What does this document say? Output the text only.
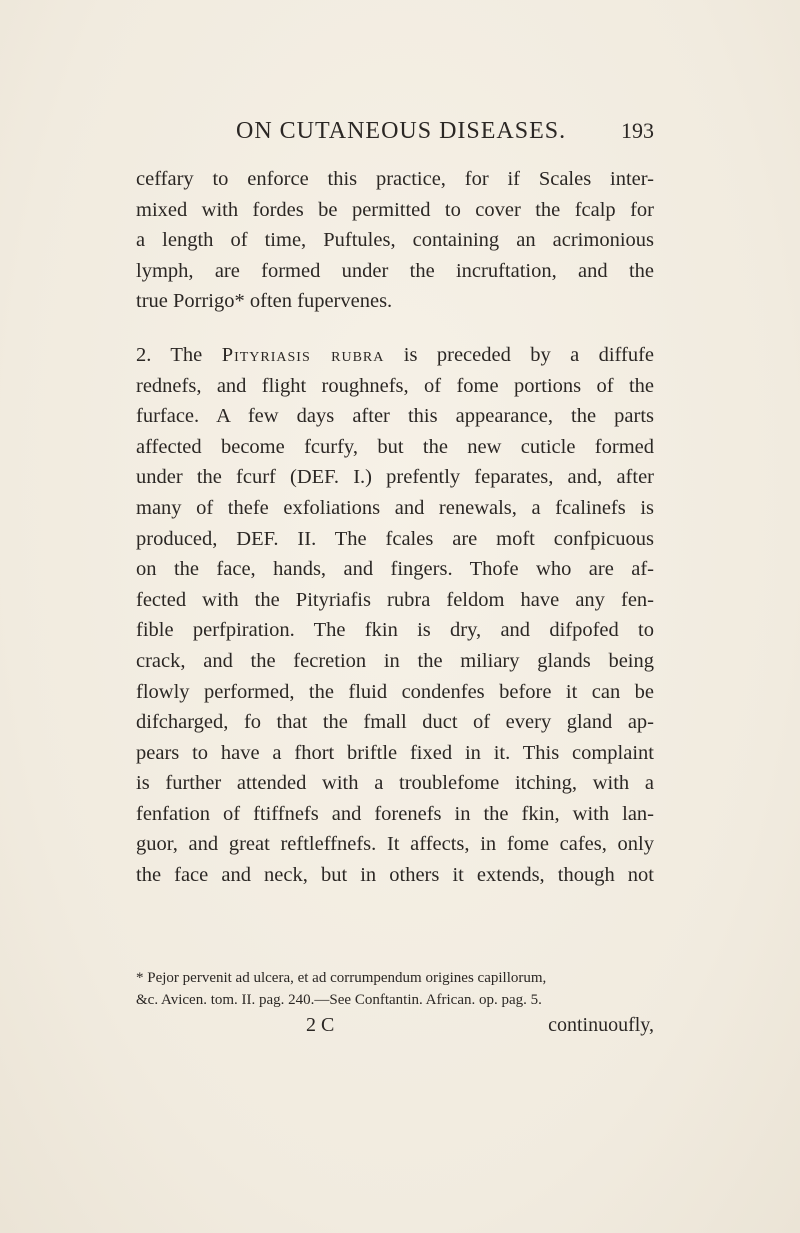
ON CUTANEOUS DISEASES. 193
ceffary to enforce this practice, for if Scales inter-
mixed with fordes be permitted to cover the fcalp for
a length of time, Puftules, containing an acrimonious
lymph, are formed under the incruftation, and the
true Porrigo* often fupervenes.
2. The Pityriasis rubra is preceded by a diffufe
rednefs, and flight roughnefs, of fome portions of the
furface. A few days after this appearance, the parts
affected become fcurfy, but the new cuticle formed
under the fcurf (DEF. I.) prefently feparates, and, after
many of thefe exfoliations and renewals, a fcalinefs is
produced, DEF. II. The fcales are moft confpicuous
on the face, hands, and fingers. Thofe who are af-
fected with the Pityriafis rubra feldom have any fen-
fible perfpiration. The fkin is dry, and difpofed to
crack, and the fecretion in the miliary glands being
flowly performed, the fluid condenfes before it can be
difcharged, fo that the fmall duct of every gland ap-
pears to have a fhort briftle fixed in it. This complaint
is further attended with a troublefome itching, with a
fenfation of ftiffnefs and forenefs in the fkin, with lan-
guor, and great reftleffnefs. It affects, in fome cafes, only
the face and neck, but in others it extends, though not
* Pejor pervenit ad ulcera, et ad corrumpendum origines capillorum,
&c. Avicen. tom. II. pag. 240.—See Conftantin. African. op. pag. 5.
2 C	continuoufly,
